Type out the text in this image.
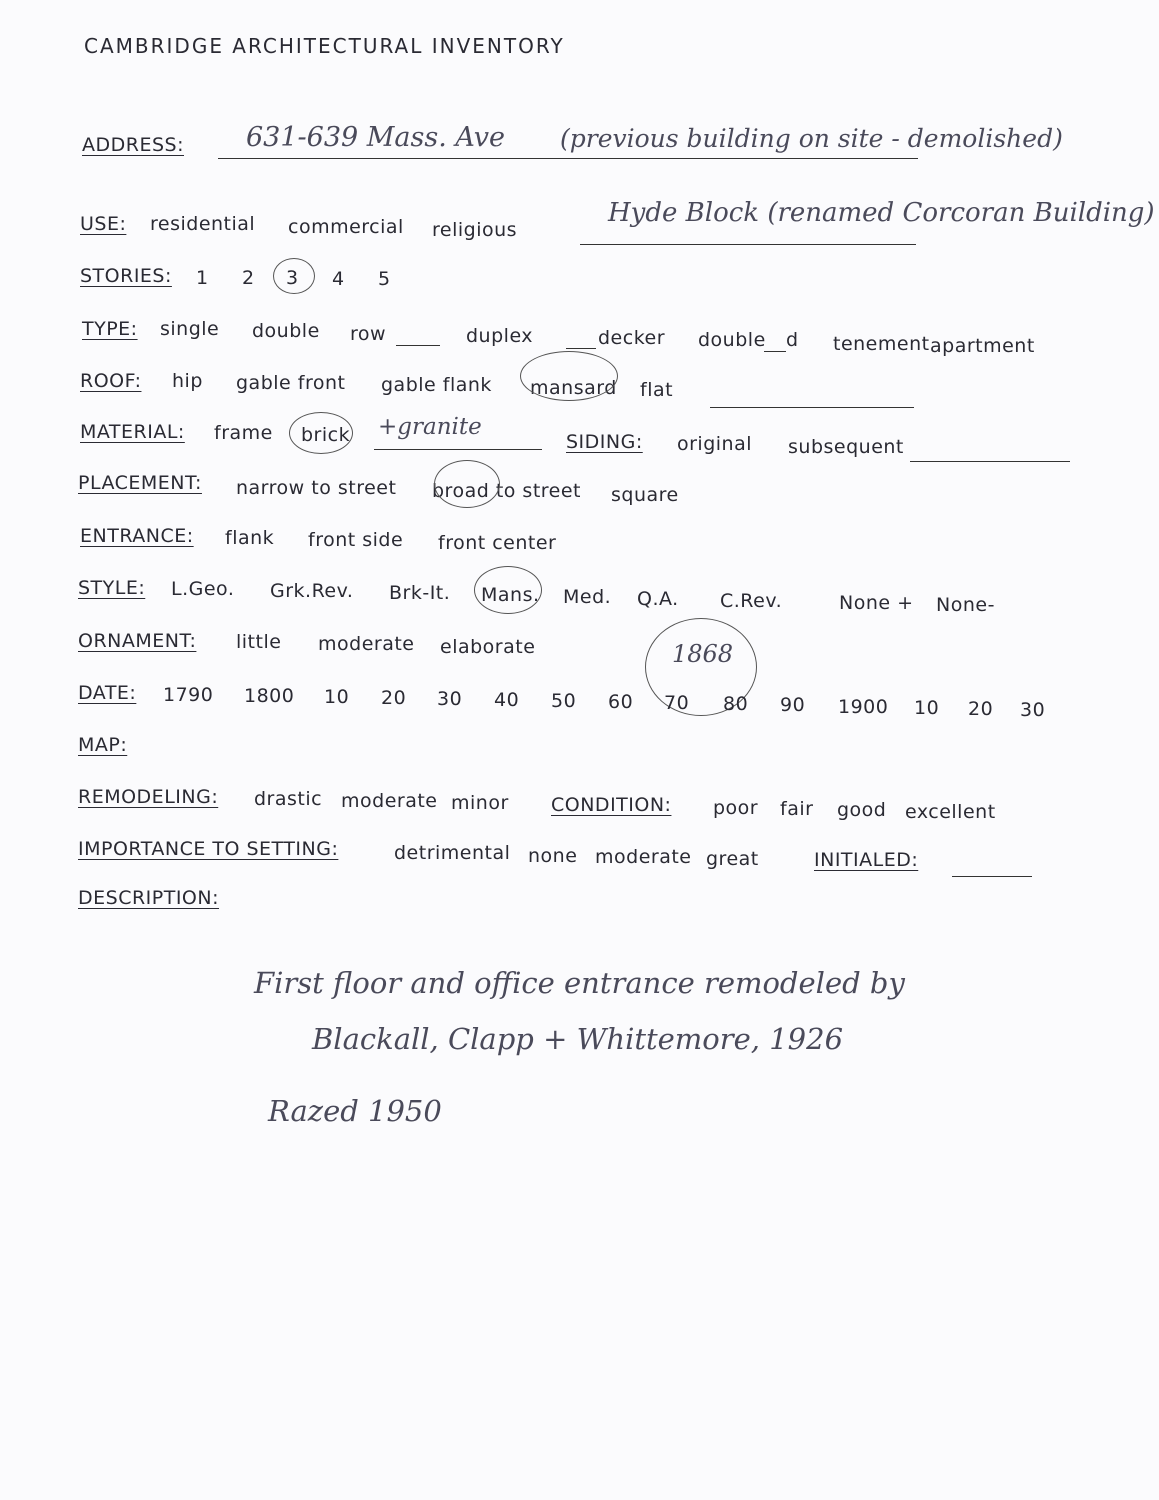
CAMBRIDGE ARCHITECTURAL INVENTORY
ADDRESS: 631-639 Mass. Ave (previous building on site - demolished)
USE: residential commercial religious
Hyde Block (renamed Corcoran Building)
STORIES: 1 2 3 4 5
TYPE: single double row	duplex	decker double d tenement apartment
ROOF: hip gable front gable flank mansard flat
MATERIAL: frame brick +granite
SIDING: original subsequent
PLACEMENT: narrow to street broad to street square
ENTRANCE: flank front side front center
STYLE: L.Geo. Grk.Rev. Brk-It. Mans. Med. Q.A. C.Rev.	None + None-
ORNAMENT: little moderate elaborate	1868
DATE: 1790 1800 10 20 30 40 50 60 70 80 90 1900 10 20 30
MAP:
REMODELING: drastic moderate minor CONDITION: poor fair good excellent
IMPORTANCE TO SETTING:	detrimental none moderate great	INITIALED:
DESCRIPTION:
First floor and office entrance remodeled by
Blackall, Clapp + Whittemore, 1926
Razed 1950
